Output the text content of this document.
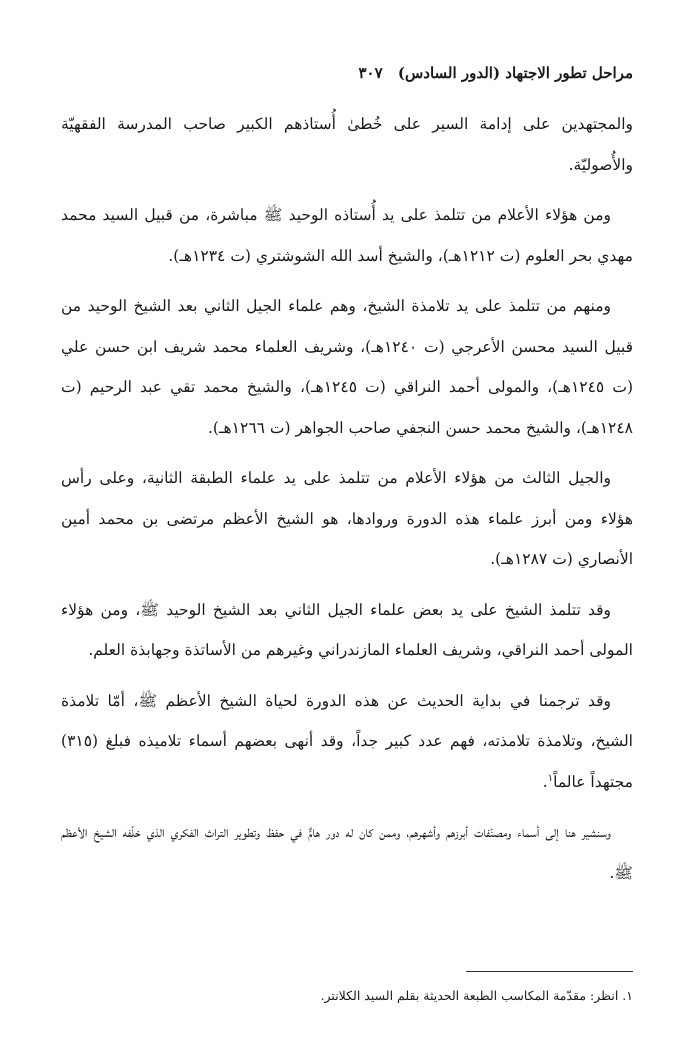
مراحل تطور الاجتهاد (الدور السادس) ٣٠٧

والمجتهدين على إدامة السير على خُطىٰ أُستاذهم الكبير صاحب المدرسة الفقهيّة والأُصوليّة.

ومن هؤلاء الأعلام من تتلمذ على يد أُستاذه الوحيد ﷺ مباشرة، من قبيل السيد محمد مهدي بحر العلوم (ت ١٢١٢هـ)، والشيخ أسد الله الشوشتري (ت ١٢٣٤هـ).

ومنهم من تتلمذ على يد تلامذة الشيخ، وهم علماء الجيل الثاني بعد الشيخ الوحيد من قبيل السيد محسن الأعرجي (ت ١٢٤٠هـ)، وشريف العلماء محمد شريف ابن حسن علي (ت ١٢٤٥هـ)، والمولى أحمد النراقي (ت ١٢٤٥هـ)، والشيخ محمد تقي عبد الرحيم (ت ١٢٤٨هـ)، والشيخ محمد حسن النجفي صاحب الجواهر (ت ١٢٦٦هـ).

والجيل الثالث من هؤلاء الأعلام من تتلمذ على يد علماء الطبقة الثانية، وعلى رأس هؤلاء ومن أبرز علماء هذه الدورة وروادها، هو الشيخ الأعظم مرتضى بن محمد أمين الأنصاري (ت ١٢٨٧هـ).

وقد تتلمذ الشيخ على يد بعض علماء الجيل الثاني بعد الشيخ الوحيد ﷺ، ومن هؤلاء المولى أحمد النراقي، وشريف العلماء المازندراني وغيرهم من الأساتذة وجهابذة العلم.

وقد ترجمنا في بداية الحديث عن هذه الدورة لحياة الشيخ الأعظم ﷺ، أمّا تلامذة الشيخ، وتلامذة تلامذته، فهم عدد كبير جداً، وقد أنهى بعضهم أسماء تلاميذه فبلغ (٣١٥) مجتهداً عالماً$^١$.

وسنشير هنا إلى أسماء ومصنّفات أبرزهم وأشهرهم، وممن كان له دور هامٌّ في حفظ وتطوير التراث الفكري الذي خلّفه الشيخ الأعظم ﷺ.

١. انظر: مقدّمة المكاسب الطبعة الحديثة بقلم السيد الكلانتر.
